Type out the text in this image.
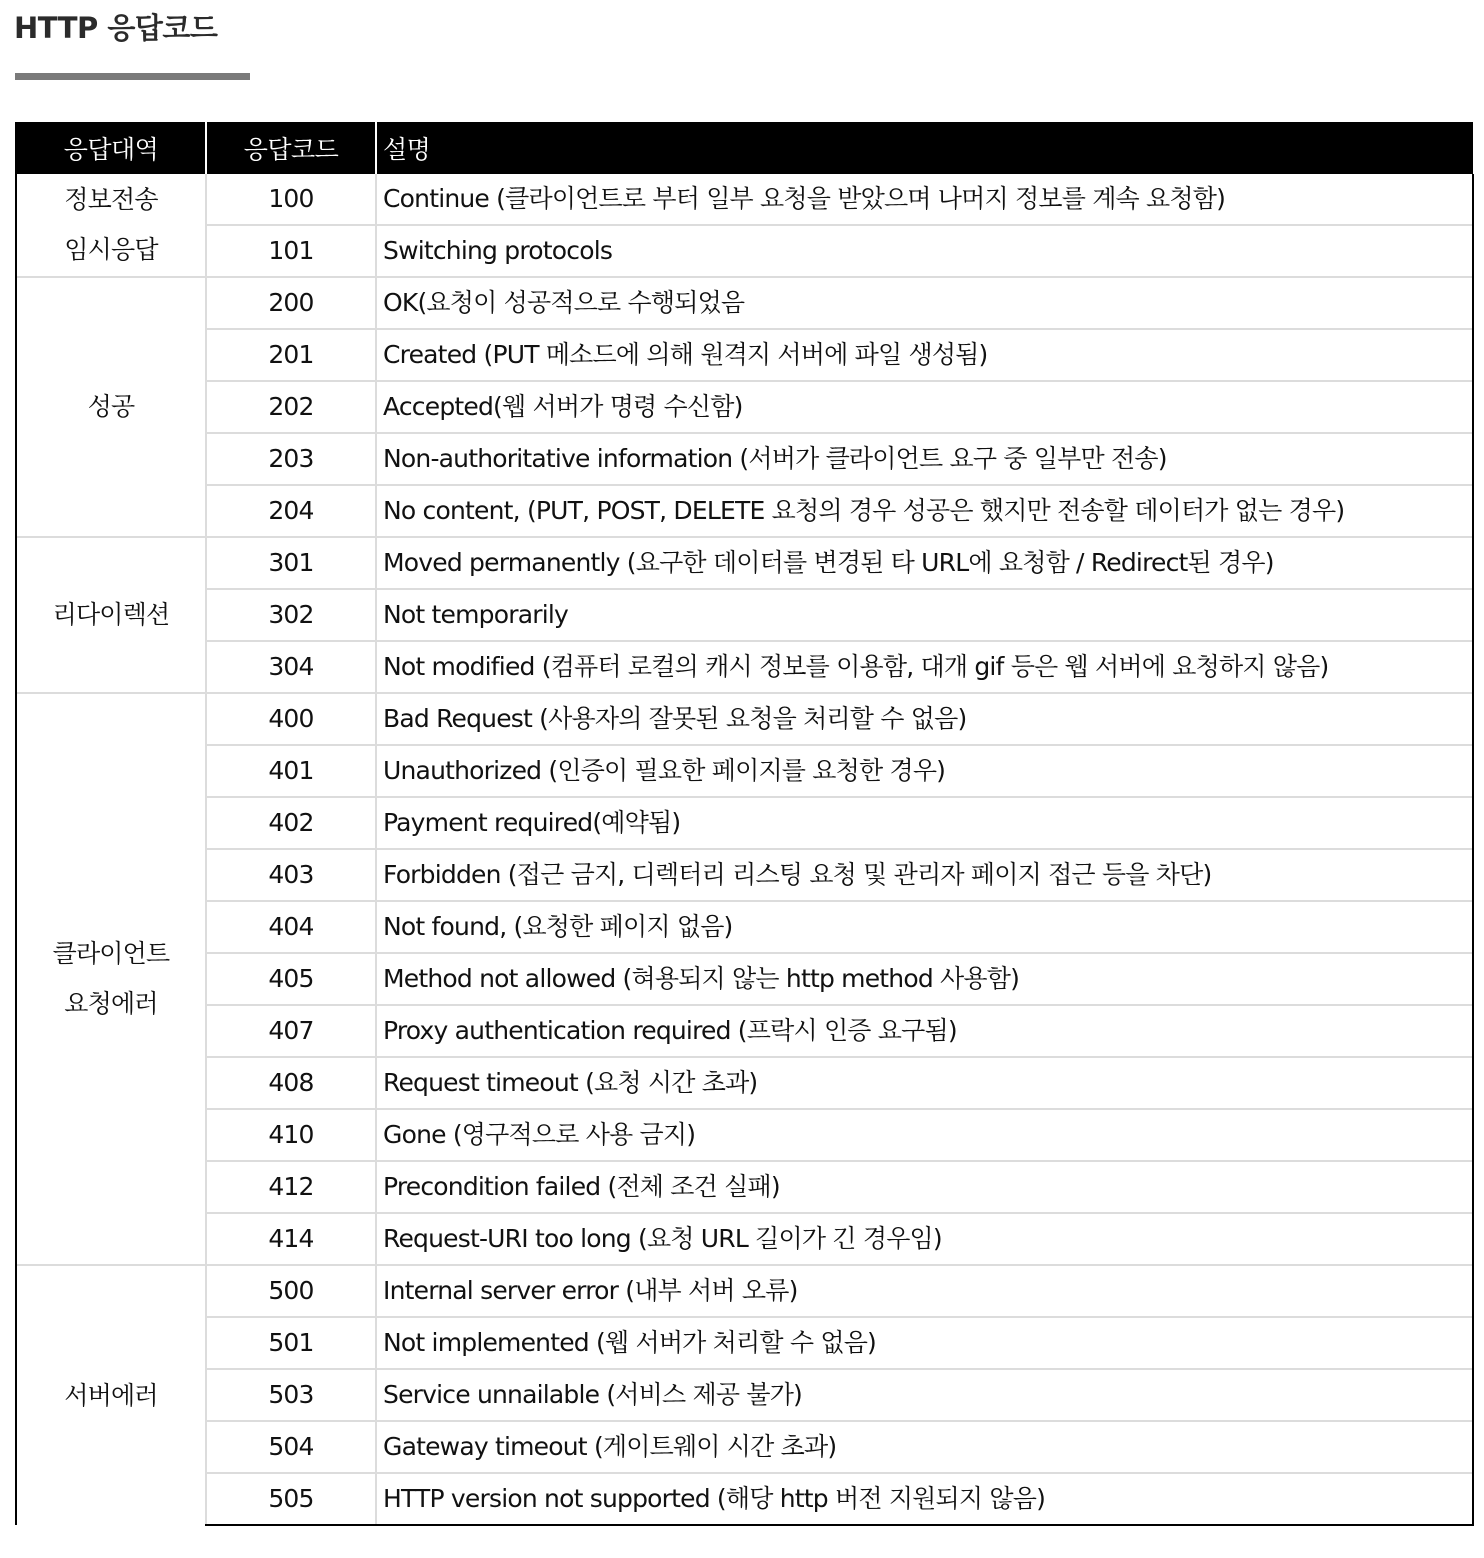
HTTP 응답코드
응답대역	응답코드	설명

정보전송
임시응답	100	Continue (클라이언트로 부터 일부 요청을 받았으며 나머지 정보를 계속 요청함)
	101	Switching protocols

성공	200	OK(요청이 성공적으로 수행되었음
	201	Created (PUT 메소드에 의해 원격지 서버에 파일 생성됨)
	202	Accepted(웹 서버가 명령 수신함)
	203	Non-authoritative information (서버가 클라이언트 요구 중 일부만 전송)
	204	No content, (PUT, POST, DELETE 요청의 경우 성공은 했지만 전송할 데이터가 없는 경우)

리다이렉션	301	Moved permanently (요구한 데이터를 변경된 타 URL에 요청함 / Redirect된 경우)
	302	Not temporarily
	304	Not modified (컴퓨터 로컬의 캐시 정보를 이용함, 대개 gif 등은 웹 서버에 요청하지 않음)

클라이언트
요청에러	400	Bad Request (사용자의 잘못된 요청을 처리할 수 없음)
	401	Unauthorized (인증이 필요한 페이지를 요청한 경우)
	402	Payment required(예약됨)
	403	Forbidden (접근 금지, 디렉터리 리스팅 요청 및 관리자 페이지 접근 등을 차단)
	404	Not found, (요청한 페이지 없음)
	405	Method not allowed (혀용되지 않는 http method 사용함)
	407	Proxy authentication required (프락시 인증 요구됨)
	408	Request timeout (요청 시간 초과)
	410	Gone (영구적으로 사용 금지)
	412	Precondition failed (전체 조건 실패)
	414	Request-URI too long (요청 URL 길이가 긴 경우임)

서버에러	500	Internal server error (내부 서버 오류)
	501	Not implemented (웹 서버가 처리할 수 없음)
	503	Service unnailable (서비스 제공 불가)
	504	Gateway timeout (게이트웨이 시간 초과)
	505	HTTP version not supported (해당 http 버전 지원되지 않음)
